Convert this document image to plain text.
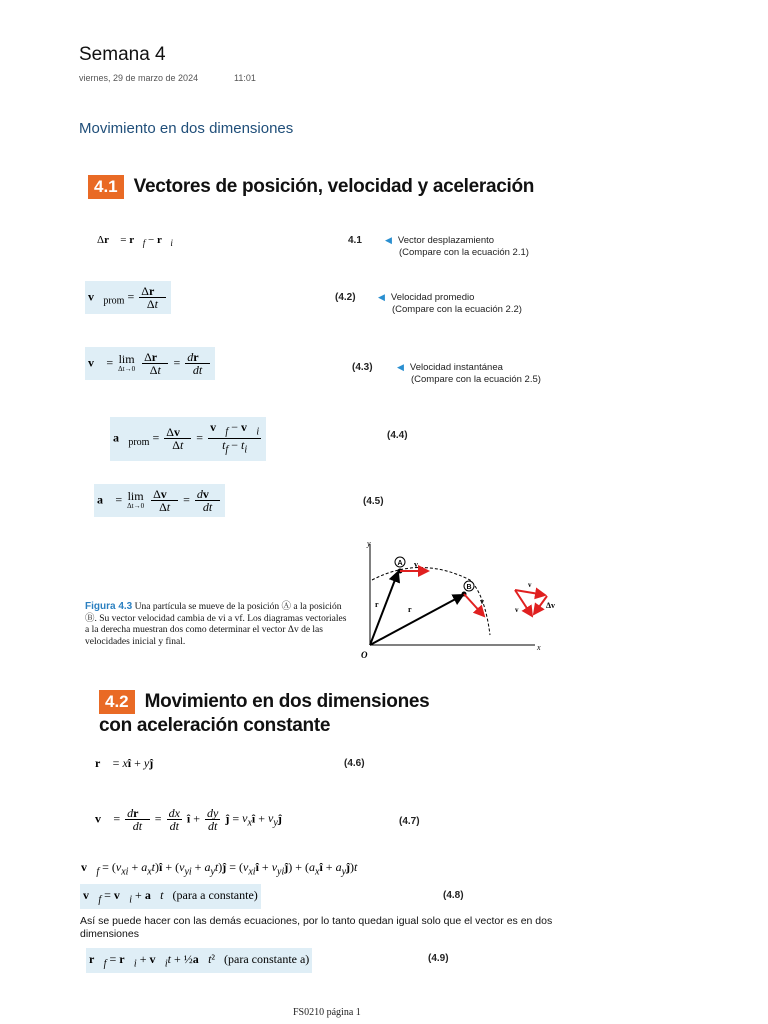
Semana 4
viernes, 29 de marzo de 2024	11:01
Movimiento en dos dimensiones
4.1 Vectores de posición, velocidad y aceleración
Δr⃗ = $r⃗_f$ − $r⃗_i$	4.1	◀ Vector desplazamiento
(Compare con la ecuación 2.1)
$v⃗_{prom} = \frac{\Delta r⃗}{\Delta t}$	(4.2) ◀ Velocidad promedio
(Compare con la ecuación 2.2)
v⃗ = lim
Δt→0
$\frac{\Delta r⃗}{\Delta t} = \frac{dr⃗}{dt}$	(4.3)	◀ Velocidad instantánea
(Compare con la ecuación 2.5)
$a⃗_{prom} = \frac{\Delta v⃗}{\Delta t} = \frac{v⃗_f - v⃗_i}{t_f - t_i}$	(4.4)
a⃗ = lim
Δt→0
$\frac{\Delta v⃗}{\Delta t} = \frac{dv⃗}{dt}$	(4.5)
Figura 4.3 Una partícula se mueve de la posición Ⓐ a la posición Ⓑ. Su vector velocidad cambia de vi a vf. Los diagramas vectoriales a la derecha muestran dos como determinar el vector Δv de las velocidades inicial y final.
y
x
O
A
B
v
v
r
r
v
v	Δv
4.2 Movimiento en dos dimensiones
con aceleración constante
r⃗ = xî + yĵ	(4.6)
v⃗ = $\frac{dr⃗}{dt} = \frac{dx}{dt}$ î + $\frac{dy}{dt}$ ĵ = $v_xî$ + $v_yĵ$	(4.7)
$v⃗_f = (v_{xi}$ + $a_xt)î + (v_{yi}$ + $a_yt)ĵ$ = ($v_{xi}î$ + $v_{yi}ĵ$) + ($a_xî$ + $a_yĵ)t$
$v⃗_f$ = $v⃗_i$ + a⃗t (para a constante)	(4.8)
Así se puede hacer con las demás ecuaciones, por lo tanto quedan igual solo que el vector es en dos dimensiones
$r⃗_f$ = $r⃗_i$ + $v⃗_it$ + ½a⃗t²   (para constante a)	(4.9)
FS0210 página 1
